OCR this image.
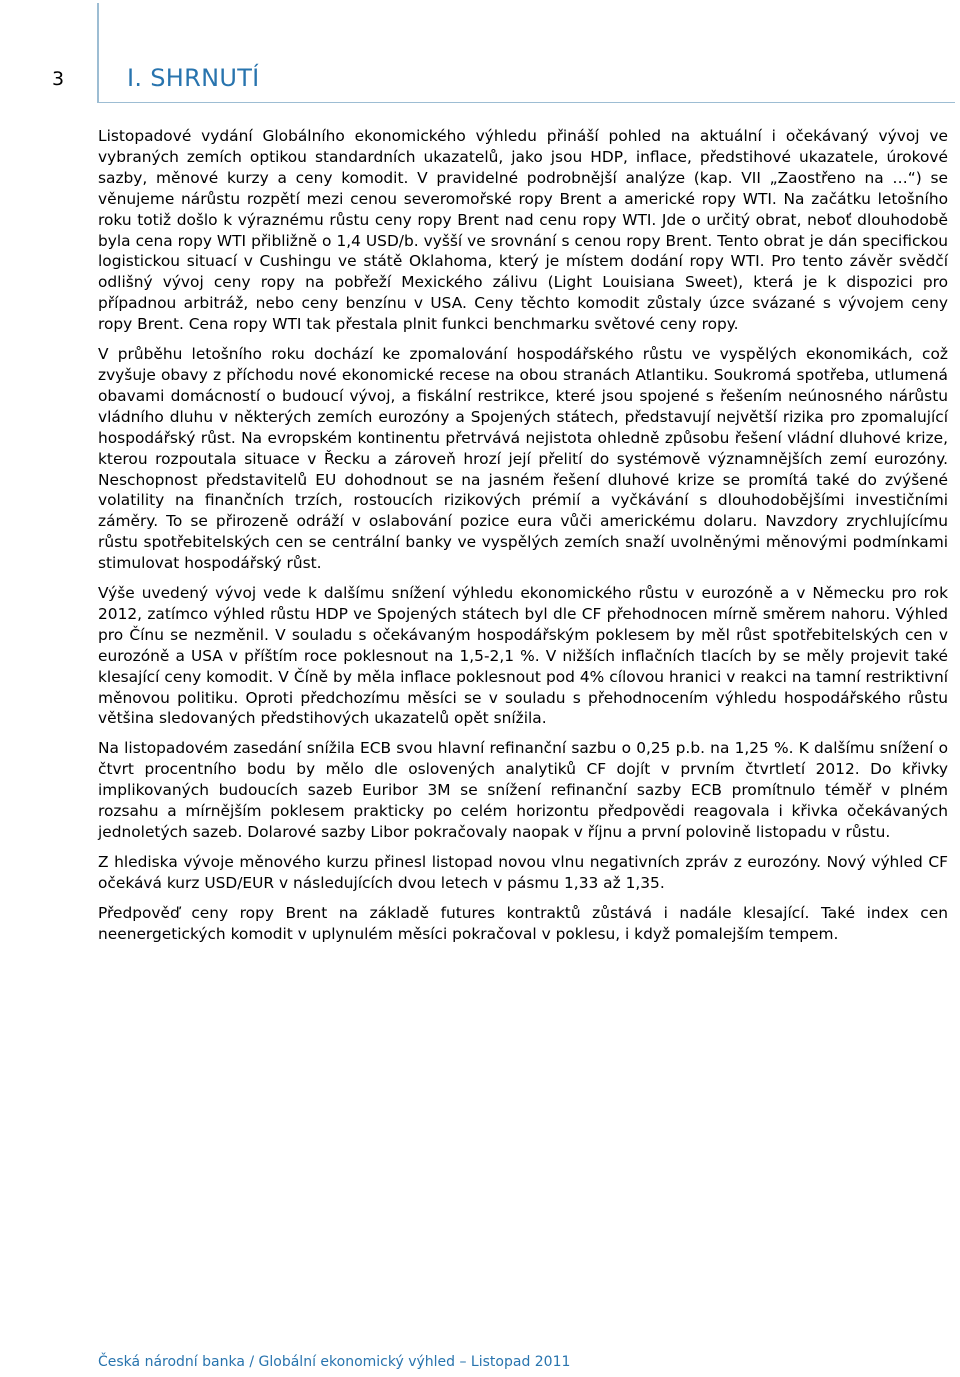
3	I. SHRNUTÍ

Listopadové vydání Globálního ekonomického výhledu přináší pohled na aktuální i očekávaný vývoj ve vybraných zemích optikou standardních ukazatelů, jako jsou HDP, inflace, předstihové ukazatele, úrokové sazby, měnové kurzy a ceny komodit. V pravidelné podrobnější analýze (kap. VII „Zaostřeno na …“) se věnujeme nárůstu rozpětí mezi cenou severomořské ropy Brent a americké ropy WTI. Na začátku letošního roku totiž došlo k výraznému růstu ceny ropy Brent nad cenu ropy WTI. Jde o určitý obrat, neboť dlouhodobě byla cena ropy WTI přibližně o 1,4 USD/b. vyšší ve srovnání s cenou ropy Brent. Tento obrat je dán specifickou logistickou situací v Cushingu ve státě Oklahoma, který je místem dodání ropy WTI. Pro tento závěr svědčí odlišný vývoj ceny ropy na pobřeží Mexického zálivu (Light Louisiana Sweet), která je k dispozici pro případnou arbitráž, nebo ceny benzínu v USA. Ceny těchto komodit zůstaly úzce svázané s vývojem ceny ropy Brent. Cena ropy WTI tak přestala plnit funkci benchmarku světové ceny ropy.

V průběhu letošního roku dochází ke zpomalování hospodářského růstu ve vyspělých ekonomikách, což zvyšuje obavy z příchodu nové ekonomické recese na obou stranách Atlantiku. Soukromá spotřeba, utlumená obavami domácností o budoucí vývoj, a fiskální restrikce, které jsou spojené s řešením neúnosného nárůstu vládního dluhu v některých zemích eurozóny a Spojených státech, představují největší rizika pro zpomalující hospodářský růst. Na evropském kontinentu přetrvává nejistota ohledně způsobu řešení vládní dluhové krize, kterou rozpoutala situace v Řecku a zároveň hrozí její přelití do systémově významnějších zemí eurozóny. Neschopnost představitelů EU dohodnout se na jasném řešení dluhové krize se promítá také do zvýšené volatility na finančních trzích, rostoucích rizikových prémií a vyčkávání s dlouhodobějšími investičními záměry. To se přirozeně odráží v oslabování pozice eura vůči americkému dolaru. Navzdory zrychlujícímu růstu spotřebitelských cen se centrální banky ve vyspělých zemích snaží uvolněnými měnovými podmínkami stimulovat hospodářský růst.

Výše uvedený vývoj vede k dalšímu snížení výhledu ekonomického růstu v eurozóně a v Německu pro rok 2012, zatímco výhled růstu HDP ve Spojených státech byl dle CF přehodnocen mírně směrem nahoru. Výhled pro Čínu se nezměnil. V souladu s očekávaným hospodářským poklesem by měl růst spotřebitelských cen v eurozóně a USA v příštím roce poklesnout na 1,5-2,1 %. V nižších inflačních tlacích by se měly projevit také klesající ceny komodit. V Číně by měla inflace poklesnout pod 4% cílovou hranici v reakci na tamní restriktivní měnovou politiku. Oproti předchozímu měsíci se v souladu s přehodnocením výhledu hospodářského růstu většina sledovaných předstihových ukazatelů opět snížila.

Na listopadovém zasedání snížila ECB svou hlavní refinanční sazbu o 0,25 p.b. na 1,25 %. K dalšímu snížení o čtvrt procentního bodu by mělo dle oslovených analytiků CF dojít v prvním čtvrtletí 2012. Do křivky implikovaných budoucích sazeb Euribor 3M se snížení refinanční sazby ECB promítnulo téměř v plném rozsahu a mírnějším poklesem prakticky po celém horizontu předpovědi reagovala i křivka očekávaných jednoletých sazeb. Dolarové sazby Libor pokračovaly naopak v říjnu a první polovině listopadu v růstu.

Z hlediska vývoje měnového kurzu přinesl listopad novou vlnu negativních zpráv z eurozóny. Nový výhled CF očekává kurz USD/EUR v následujících dvou letech v pásmu 1,33 až 1,35.

Předpověď ceny ropy Brent na základě futures kontraktů zůstává i nadále klesající. Také index cen neenergetických komodit v uplynulém měsíci pokračoval v poklesu, i když pomalejším tempem.

Česká národní banka / Globální ekonomický výhled – Listopad 2011
